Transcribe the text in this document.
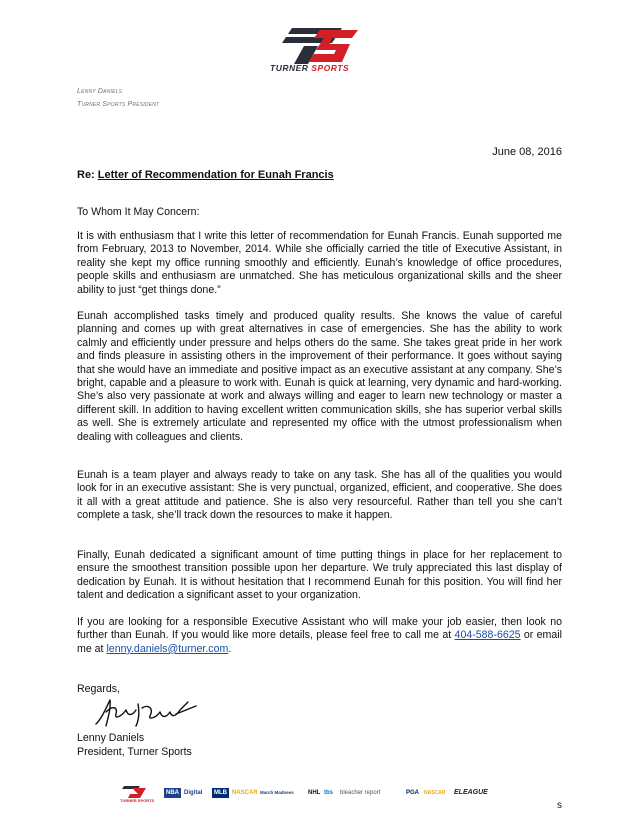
TURNER SPORTS
Lenny Daniels
Turner Sports President
June 08, 2016
Re: Letter of Recommendation for Eunah Francis
To Whom It May Concern:

It is with enthusiasm that I write this letter of recommendation for Eunah Francis. Eunah supported me from February, 2013 to November, 2014. While she officially carried the title of Executive Assistant, in reality she kept my office running smoothly and efficiently. Eunah’s knowledge of office procedures, people skills and enthusiasm are unmatched. She has meticulous organizational skills and the sheer ability to just “get things done.”

Eunah accomplished tasks timely and produced quality results. She knows the value of careful planning and comes up with great alternatives in case of emergencies. She has the ability to work calmly and efficiently under pressure and helps others do the same. She takes great pride in her work and finds pleasure in assisting others in the improvement of their performance. It goes without saying that she would have an immediate and positive impact as an executive assistant at any company. She’s bright, capable and a pleasure to work with. Eunah is quick at learning, very dynamic and hard-working. She’s also very passionate at work and always willing and eager to learn new technology or master a different skill. In addition to having excellent written communication skills, she has superior verbal skills as well. She is extremely articulate and represented my office with the utmost professionalism when dealing with colleagues and clients.

Eunah is a team player and always ready to take on any task. She has all of the qualities you would look for in an executive assistant: She is very punctual, organized, efficient, and cooperative. She does it all with a great attitude and patience. She is also very resourceful. Rather than tell you she can’t complete a task, she’ll track down the resources to make it happen.

Finally, Eunah dedicated a significant amount of time putting things in place for her replacement to ensure the smoothest transition possible upon her departure. We truly appreciated this last display of dedication by Eunah. It is without hesitation that I recommend Eunah for this position. You will find her talent and dedication a significant asset to your organization.

If you are looking for a responsible Executive Assistant who will make your job easier, then look no further than Eunah. If you would like more details, please feel free to call me at 404-588-6625 or email me at lenny.daniels@turner.com.

Regards,
Lenny Daniels
President, Turner Sports
TURNER SPORTS
NBA Digital	MLB NASCAR March Madness NHL tbs bleacher report	PGA NASCAR ELEAGUE
s
